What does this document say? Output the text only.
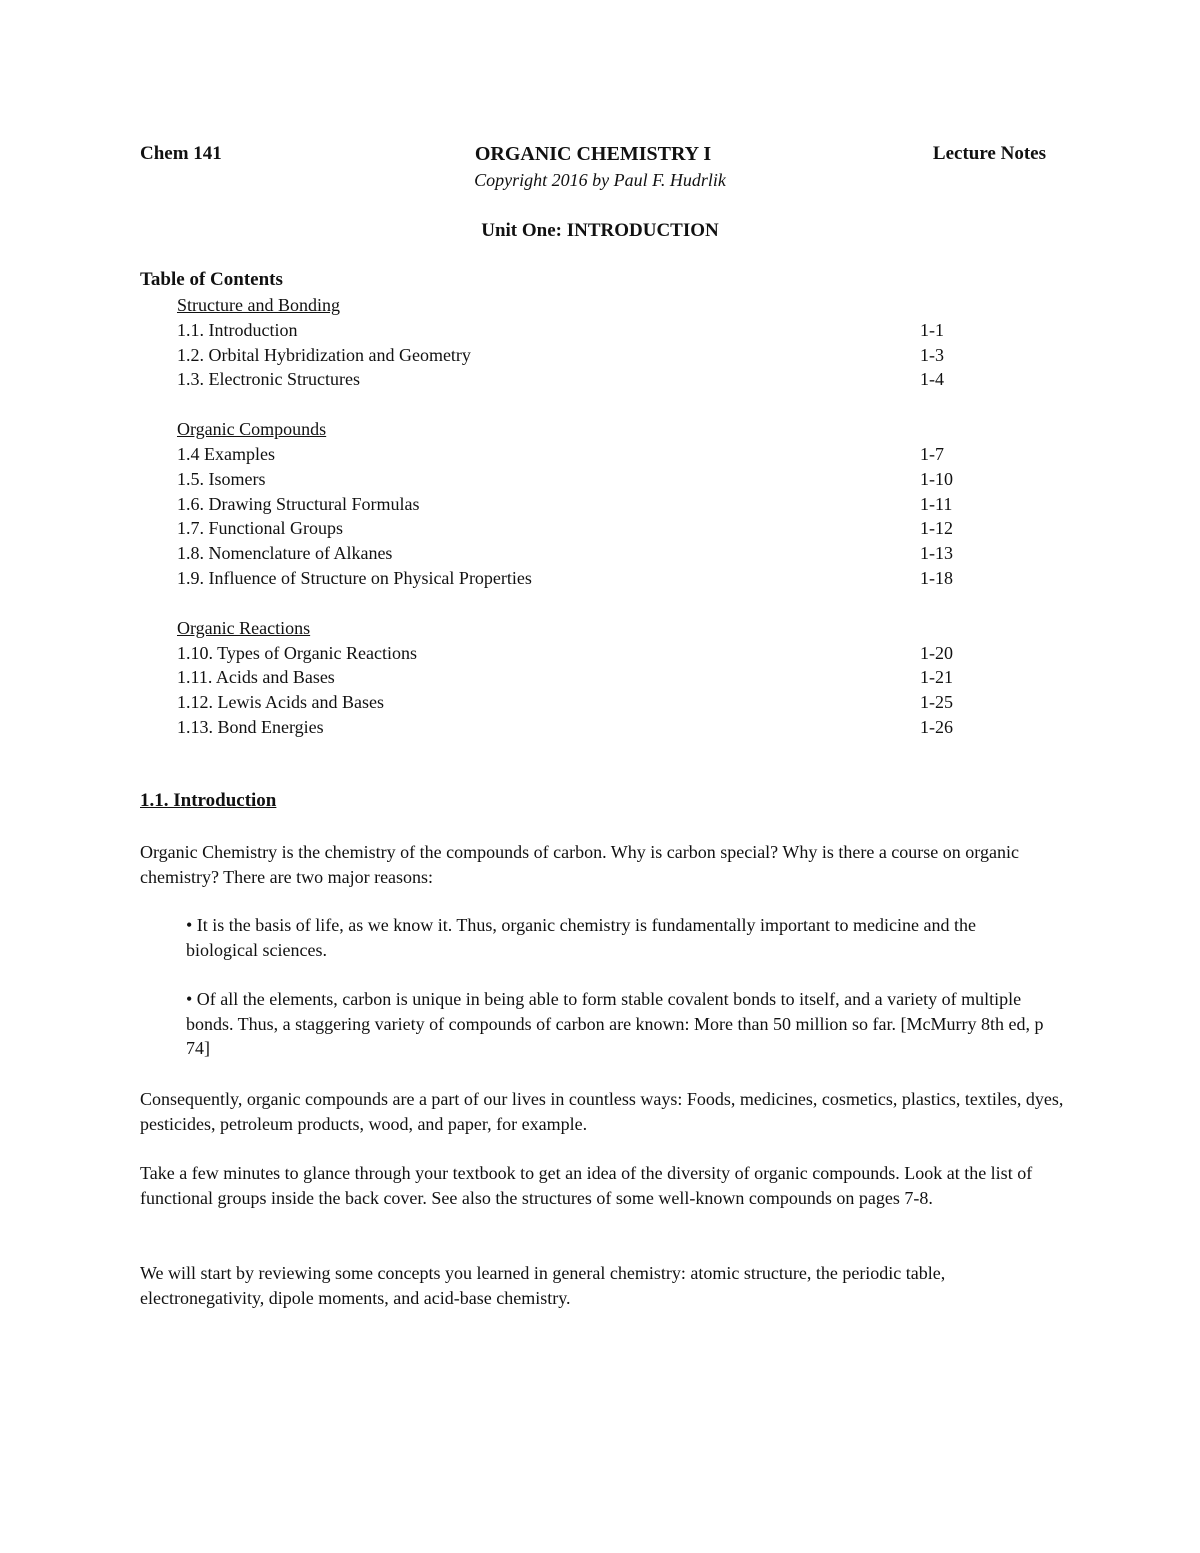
Chem 141	ORGANIC CHEMISTRY I	Lecture Notes
Copyright 2016 by Paul F. Hudrlik
Unit One: INTRODUCTION
Table of Contents
Structure and Bonding
1.1. Introduction	1-1
1.2. Orbital Hybridization and Geometry	1-3
1.3. Electronic Structures	1-4
Organic Compounds
1.4 Examples	1-7
1.5. Isomers	1-10
1.6. Drawing Structural Formulas	1-11
1.7. Functional Groups	1-12
1.8. Nomenclature of Alkanes	1-13
1.9. Influence of Structure on Physical Properties	1-18
Organic Reactions
1.10. Types of Organic Reactions	1-20
1.11. Acids and Bases	1-21
1.12. Lewis Acids and Bases	1-25
1.13. Bond Energies	1-26
1.1. Introduction

Organic Chemistry is the chemistry of the compounds of carbon. Why is carbon special? Why is there a course on organic chemistry? There are two major reasons:

• It is the basis of life, as we know it. Thus, organic chemistry is fundamentally important to medicine and the biological sciences.

• Of all the elements, carbon is unique in being able to form stable covalent bonds to itself, and a variety of multiple bonds. Thus, a staggering variety of compounds of carbon are known: More than 50 million so far. [McMurry 8th ed, p 74]

Consequently, organic compounds are a part of our lives in countless ways: Foods, medicines, cosmetics, plastics, textiles, dyes, pesticides, petroleum products, wood, and paper, for example.

Take a few minutes to glance through your textbook to get an idea of the diversity of organic compounds. Look at the list of functional groups inside the back cover. See also the structures of some well-known compounds on pages 7-8.

We will start by reviewing some concepts you learned in general chemistry: atomic structure, the periodic table, electronegativity, dipole moments, and acid-base chemistry.
